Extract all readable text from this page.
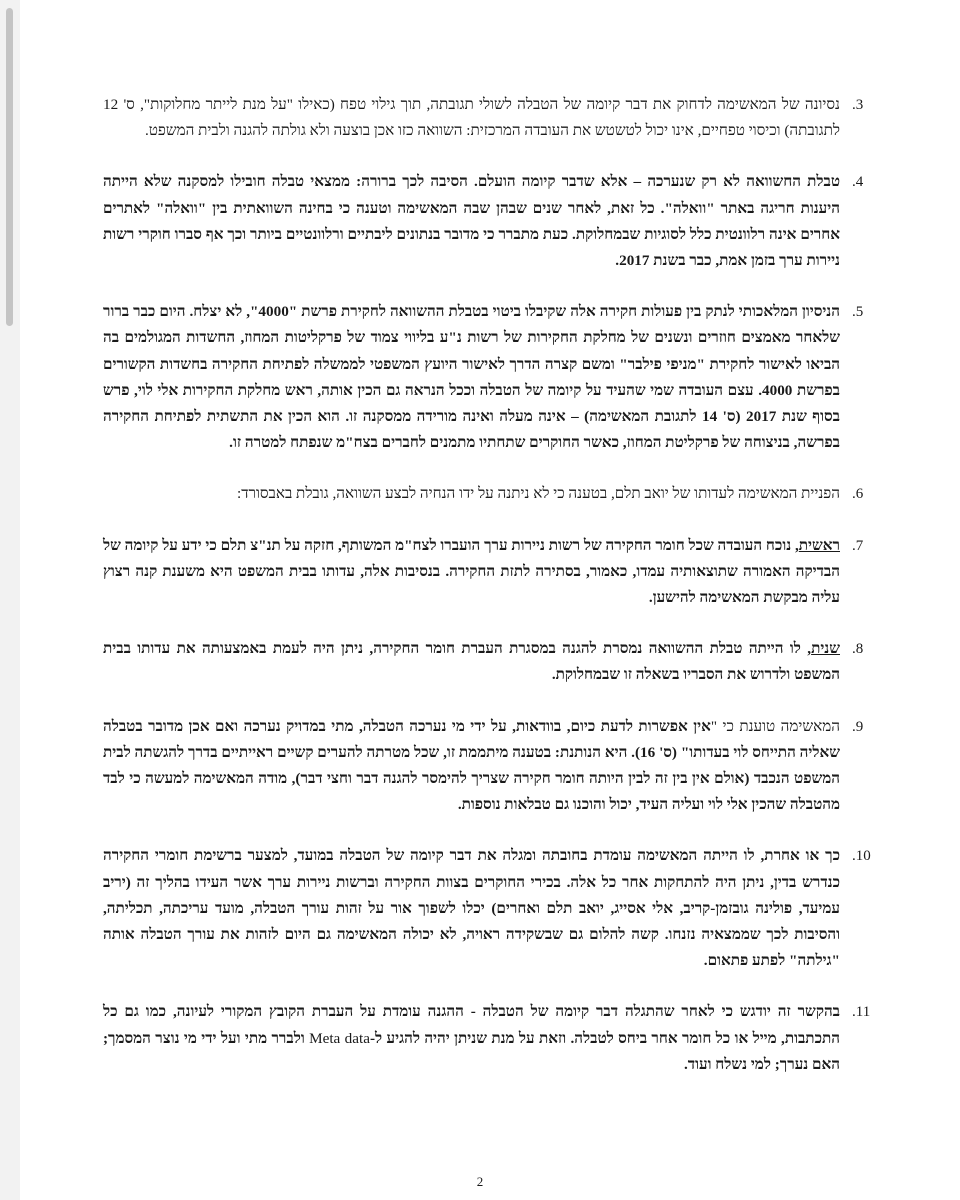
.3
נסיונה של המאשימה לדחוק את דבר קיומה של הטבלה לשולי תגובתה, תוך גילוי טפח (כאילו "על מנת לייתר מחלוקות", ס' 12 לתגובתה) וכיסוי טפחיים, אינו יכול לטשטש את העובדה המרכזית: השוואה כזו אכן בוצעה ולא גולתה להגנה ולבית המשפט.
.4
טבלת החשוואה לא רק שנערכה – אלא שדבר קיומה הועלם. הסיבה לכך ברורה: ממצאי טבלה חובילו למסקנה שלא הייתה היענות חריגה באתר "וואלה". כל זאת, לאחר שנים שבהן שבה המאשימה וטענה כי בחינה השוואתית בין "וואלה" לאתרים אחרים אינה רלוונטית כלל לסוגיות שבמחלוקת. כעת מתברר כי מדובר בנתונים ליבתיים ורלוונטיים ביותר וכך אף סברו חוקרי רשות ניירות ערך בזמן אמת, כבר בשנת 2017.
.5
הניסיון המלאכותי לנתק בין פעולות חקירה אלה שקיבלו ביטוי בטבלת ההשוואה לחקירת פרשת "4000", לא יצלח. היום כבר ברור שלאחר מאמצים חוזרים ונשנים של מחלקת החקירות של רשות נ"ע בליווי צמוד של פרקליטות המחוז, החשדות המגולמים בה הביאו לאישור לחקירת "מניפי פילבר" ומשם קצרה הדרך לאישור היועץ המשפטי לממשלה לפתיחת החקירה בחשדות הקשורים בפרשת 4000. עצם העובדה שמי שהעיד על קיומה של הטבלה וככל הנראה גם הכין אותה, ראש מחלקת החקירות אלי לוי, פרש בסוף שנת 2017 (ס' 14 לתגובת המאשימה) – אינה מעלה ואינה מורידה ממסקנה זו. הוא הכין את התשתית לפתיחת החקירה בפרשה, בניצוחה של פרקליטת המחוז, כאשר החוקרים שתחתיו מתמנים לחברים בצח"מ שנפתח למטרה זו.
.6
הפניית המאשימה לעדותו של יואב תלם, בטענה כי לא ניתנה על ידו הנחיה לבצע השוואה, גובלת באבסורד:
.7
ראשית, נוכח העובדה שכל חומר החקירה של רשות ניירות ערך הועברו לצח"מ המשותף, חזקה על תנ"צ תלם כי ידע על קיומה של הבדיקה האמורה שתוצאותיה עמדו, כאמור, בסתירה לתזת החקירה. בנסיבות אלה, עדותו בבית המשפט היא משענת קנה רצוץ עליה מבקשת המאשימה להישען.
.8
שנית, לו הייתה טבלת ההשוואה נמסרת להגנה במסגרת העברת חומר החקירה, ניתן היה לעמת באמצעותה את עדותו בבית המשפט ולדרוש את הסבריו בשאלה זו שבמחלוקת.
.9
המאשימה טוענת כי "אין אפשרות לדעת כיום, בוודאות, על ידי מי נערכה הטבלה, מתי במדויק נערכה ואם אכן מדובר בטבלה שאליה התייחס לוי בעדותו" (ס' 16). היא הנותנת: בטענה מיתממת זו, שכל מטרתה להערים קשיים ראייתיים בדרך להגשתה לבית המשפט הנכבד (אולם אין בין זה לבין היותה חומר חקירה שצריך להימסר להגנה דבר וחצי דבר), מודה המאשימה למעשה כי לבד מהטבלה שהכין אלי לוי ועליה העיד, יכול והוכנו גם טבלאות נוספות.
.10
כך או אחרת, לו הייתה המאשימה עומדת בחובתה ומגלה את דבר קיומה של הטבלה במועד, למצער ברשימת חומרי החקירה כנדרש בדין, ניתן היה להתחקות אחר כל אלה. בכירי החוקרים בצוות החקירה וברשות ניירות ערך אשר העידו בהליך זה (יריב עמיעד, פולינה גובזמן-קריב, אלי אסייג, יואב תלם ואחרים) יכלו לשפוך אור על זהות עורך הטבלה, מועד עריכתה, תכליתה, והסיבות לכך שממצאיה נזנחו. קשה להלום גם שבשקידה ראויה, לא יכולה המאשימה גם היום לזהות את עורך הטבלה אותה "גילתה" לפתע פתאום.
.11
בהקשר זה יודגש כי לאחר שהתגלה דבר קיומה של הטבלה - ההגנה עומדת על העברת הקובץ המקורי לעיונה, כמו גם כל התכתבות, מייל או כל חומר אחר ביחס לטבלה. וזאת על מנת שניתן יהיה להגיע ל-Meta data ולברר מתי ועל ידי מי נוצר המסמך; האם נערך; למי נשלח ועוד.
2
